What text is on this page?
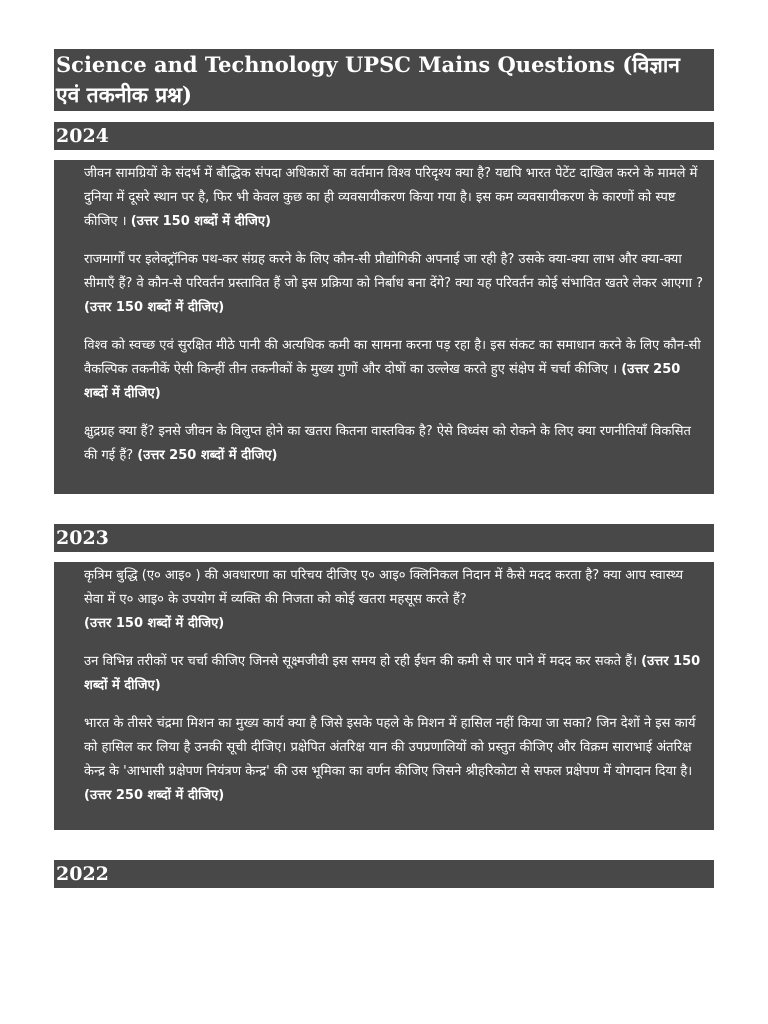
Science and Technology UPSC Mains Questions (विज्ञान एवं तकनीक प्रश्न)
2024

जीवन सामग्रियों के संदर्भ में बौद्धिक संपदा अधिकारों का वर्तमान विश्व परिदृश्य क्या है? यद्यपि भारत पेटेंट दाखिल करने के मामले में दुनिया में दूसरे स्थान पर है, फिर भी केवल कुछ का ही व्यवसायीकरण किया गया है। इस कम व्यवसायीकरण के कारणों को स्पष्ट कीजिए । (उत्तर 150 शब्दों में दीजिए)

राजमार्गों पर इलेक्ट्रॉनिक पथ-कर संग्रह करने के लिए कौन-सी प्रौद्योगिकी अपनाई जा रही है? उसके क्या-क्या लाभ और क्या-क्या सीमाएँ हैं? वे कौन-से परिवर्तन प्रस्तावित हैं जो इस प्रक्रिया को निर्बाध बना देंगे? क्या यह परिवर्तन कोई संभावित खतरे लेकर आएगा ? (उत्तर 150 शब्दों में दीजिए)

विश्व को स्वच्छ एवं सुरक्षित मीठे पानी की अत्यधिक कमी का सामना करना पड़ रहा है। इस संकट का समाधान करने के लिए कौन-सी वैकल्पिक तकनीकें ऐसी किन्हीं तीन तकनीकों के मुख्य गुणों और दोषों का उल्लेख करते हुए संक्षेप में चर्चा कीजिए । (उत्तर 250 शब्दों में दीजिए)

क्षुद्रग्रह क्या हैं? इनसे जीवन के विलुप्त होने का खतरा कितना वास्तविक है? ऐसे विध्वंस को रोकने के लिए क्या रणनीतियाँ विकसित की गई हैं? (उत्तर 250 शब्दों में दीजिए)

2023

कृत्रिम बुद्धि (ए० आइ० ) की अवधारणा का परिचय दीजिए ए० आइ० क्लिनिकल निदान में कैसे मदद करता है? क्या आप स्वास्थ्य सेवा में ए० आइ० के उपयोग में व्यक्ति की निजता को कोई खतरा महसूस करते हैं?
(उत्तर 150 शब्दों में दीजिए)

उन विभिन्न तरीकों पर चर्चा कीजिए जिनसे सूक्ष्मजीवी इस समय हो रही ईंधन की कमी से पार पाने में मदद कर सकते हैं। (उत्तर 150 शब्दों में दीजिए)

भारत के तीसरे चंद्रमा मिशन का मुख्य कार्य क्या है जिसे इसके पहले के मिशन में हासिल नहीं किया जा सका? जिन देशों ने इस कार्य को हासिल कर लिया है उनकी सूची दीजिए। प्रक्षेपित अंतरिक्ष यान की उपप्रणालियों को प्रस्तुत कीजिए और विक्रम साराभाई अंतरिक्ष केन्द्र के 'आभासी प्रक्षेपण नियंत्रण केन्द्र' की उस भूमिका का वर्णन कीजिए जिसने श्रीहरिकोटा से सफल प्रक्षेपण में योगदान दिया है। (उत्तर 250 शब्दों में दीजिए)

2022
